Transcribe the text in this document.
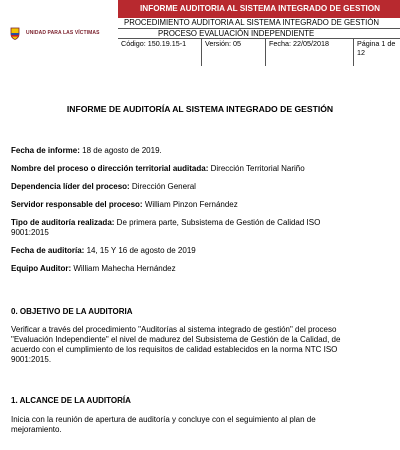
UNIDAD PARA LAS VÍCTIMAS
INFORME AUDITORIA AL SISTEMA INTEGRADO DE GESTION
PROCEDIMIENTO AUDITORIA AL SISTEMA INTEGRADO DE GESTIÓN
PROCESO EVALUACIÓN INDEPENDIENTE
Código: 150.19.15-1	Versión: 05	Fecha: 22/05/2018	Página 1 de 12
INFORME DE AUDITORÍA AL SISTEMA INTEGRADO DE GESTIÓN
Fecha de informe: 18 de agosto de 2019.
Nombre del proceso o dirección territorial auditada: Dirección Territorial Nariño
Dependencia líder del proceso: Dirección General
Servidor responsable del proceso: William Pinzon Fernández
Tipo de auditoría realizada: De primera parte, Subsistema de Gestión de Calidad ISO
9001:2015
Fecha de auditoría: 14, 15 Y 16 de agosto de 2019
Equipo Auditor: William Mahecha Hernández
0. OBJETIVO DE LA AUDITORIA
Verificar a través del procedimiento "Auditorías al sistema integrado de gestión" del proceso
"Evaluación Independiente" el nivel de madurez del Subsistema de Gestión de la Calidad, de
acuerdo con el cumplimiento de los requisitos de calidad establecidos en la norma NTC ISO
9001:2015.
1. ALCANCE DE LA AUDITORÍA
Inicia con la reunión de apertura de auditoría y concluye con el seguimiento al plan de
mejoramiento.
